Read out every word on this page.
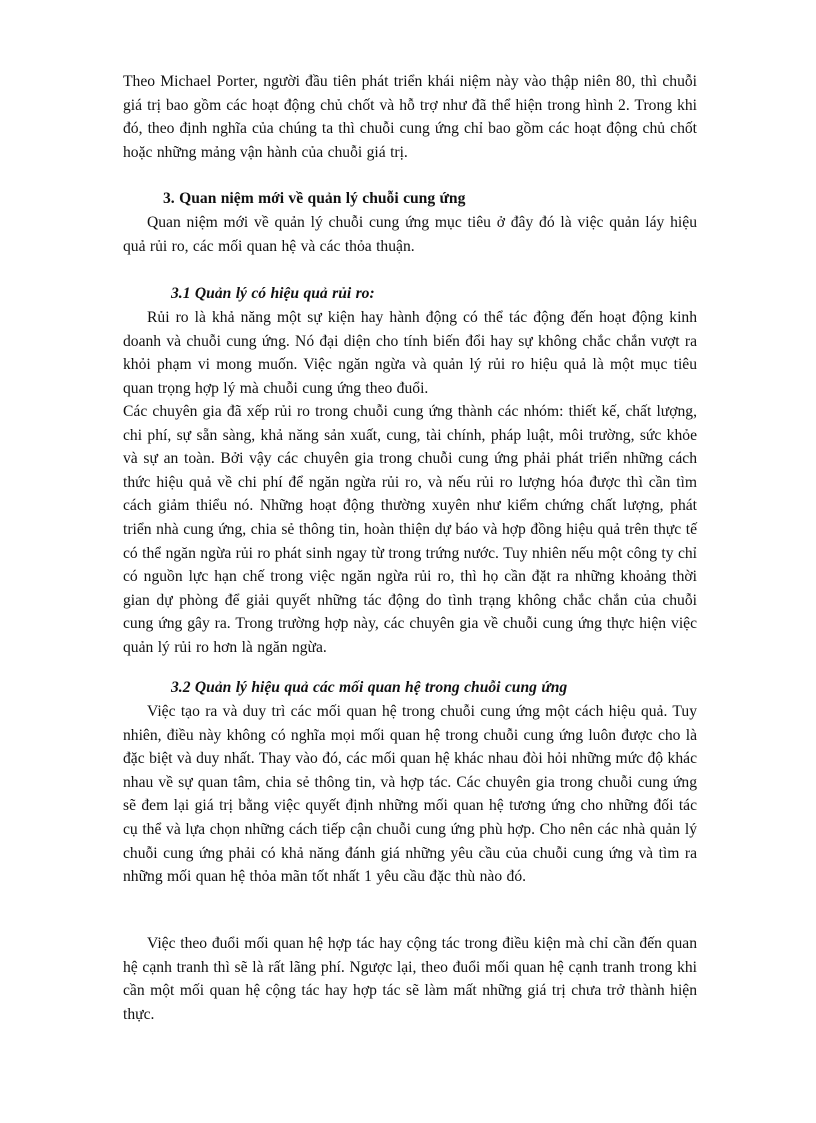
Theo Michael Porter, người đầu tiên phát triển khái niệm này vào thập niên 80, thì chuỗi giá trị bao gồm các hoạt động chủ chốt và hỗ trợ như đã thể hiện trong hình 2. Trong khi đó, theo định nghĩa của chúng ta thì chuỗi cung ứng chỉ bao gồm các hoạt động chủ chốt hoặc những mảng vận hành của chuỗi giá trị.

3. Quan niệm mới về quản lý chuỗi cung ứng

Quan niệm mới về quản lý chuỗi cung ứng mục tiêu ở đây đó là việc quản láy hiệu quả rủi ro, các mối quan hệ và các thỏa thuận.

3.1 Quản lý có hiệu quả rủi ro:

Rủi ro là khả năng một sự kiện hay hành động có thể tác động đến hoạt động kinh doanh và chuỗi cung ứng. Nó đại diện cho tính biến đổi hay sự không chắc chắn vượt ra khỏi phạm vi mong muốn. Việc ngăn ngừa và quản lý rủi ro hiệu quả là một mục tiêu quan trọng hợp lý mà chuỗi cung ứng theo đuổi.

Các chuyên gia đã xếp rủi ro trong chuỗi cung ứng thành các nhóm: thiết kế, chất lượng, chi phí, sự sẵn sàng, khả năng sản xuất, cung, tài chính, pháp luật, môi trường, sức khỏe và sự an toàn. Bởi vậy các chuyên gia trong chuỗi cung ứng phải phát triển những cách thức hiệu quả về chi phí để ngăn ngừa rủi ro, và nếu rủi ro lượng hóa được thì cần tìm cách giảm thiểu nó. Những hoạt động thường xuyên như kiểm chứng chất lượng, phát triển nhà cung ứng, chia sẻ thông tin, hoàn thiện dự báo và hợp đồng hiệu quả trên thực tế có thể ngăn ngừa rủi ro phát sinh ngay từ trong trứng nước. Tuy nhiên nếu một công ty chỉ có nguồn lực hạn chế trong việc ngăn ngừa rủi ro, thì họ cần đặt ra những khoảng thời gian dự phòng để giải quyết những tác động do tình trạng không chắc chắn của chuỗi cung ứng gây ra. Trong trường hợp này, các chuyên gia về chuỗi cung ứng thực hiện việc quản lý rủi ro hơn là ngăn ngừa.

3.2 Quản lý hiệu quả các mối quan hệ trong chuỗi cung ứng

Việc tạo ra và duy trì các mối quan hệ trong chuỗi cung ứng một cách hiệu quả. Tuy nhiên, điều này không có nghĩa mọi mối quan hệ trong chuỗi cung ứng luôn được cho là đặc biệt và duy nhất. Thay vào đó, các mối quan hệ khác nhau đòi hỏi những mức độ khác nhau về sự quan tâm, chia sẻ thông tin, và hợp tác. Các chuyên gia trong chuỗi cung ứng sẽ đem lại giá trị bằng việc quyết định những mối quan hệ tương ứng cho những đối tác cụ thể và lựa chọn những cách tiếp cận chuỗi cung ứng phù hợp. Cho nên các nhà quản lý chuỗi cung ứng phải có khả năng đánh giá những yêu cầu của chuỗi cung ứng và tìm ra những mối quan hệ thỏa mãn tốt nhất 1 yêu cầu đặc thù nào đó.

Việc theo đuổi mối quan hệ hợp tác hay cộng tác trong điều kiện mà chỉ cần đến quan hệ cạnh tranh thì sẽ là rất lãng phí. Ngược lại, theo đuổi mối quan hệ cạnh tranh trong khi cần một mối quan hệ cộng tác hay hợp tác sẽ làm mất những giá trị chưa trở thành hiện thực.
